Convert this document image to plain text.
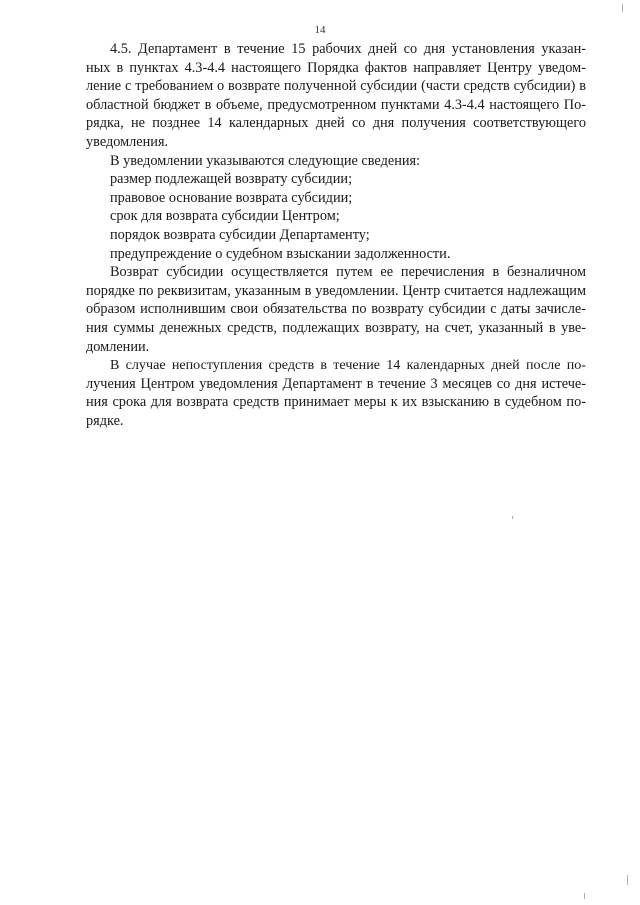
14
4.5. Департамент в течение 15 рабочих дней со дня установления указан-
ных в пунктах 4.3-4.4 настоящего Порядка фактов направляет Центру уведом-
ление с требованием о возврате полученной субсидии (части средств субсидии) в
областной бюджет в объеме, предусмотренном пунктами 4.3-4.4 настоящего По-
рядка, не позднее 14 календарных дней со дня получения соответствующего
уведомления.
В уведомлении указываются следующие сведения:
размер подлежащей возврату субсидии;
правовое основание возврата субсидии;
срок для возврата субсидии Центром;
порядок возврата субсидии Департаменту;
предупреждение о судебном взыскании задолженности.
Возврат субсидии осуществляется путем ее перечисления в безналичном
порядке по реквизитам, указанным в уведомлении. Центр считается надлежащим
образом исполнившим свои обязательства по возврату субсидии с даты зачисле-
ния суммы денежных средств, подлежащих возврату, на счет, указанный в уве-
домлении.
В случае непоступления средств в течение 14 календарных дней после по-
лучения Центром уведомления Департамент в течение 3 месяцев со дня истече-
ния срока для возврата средств принимает меры к их взысканию в судебном по-
рядке.
